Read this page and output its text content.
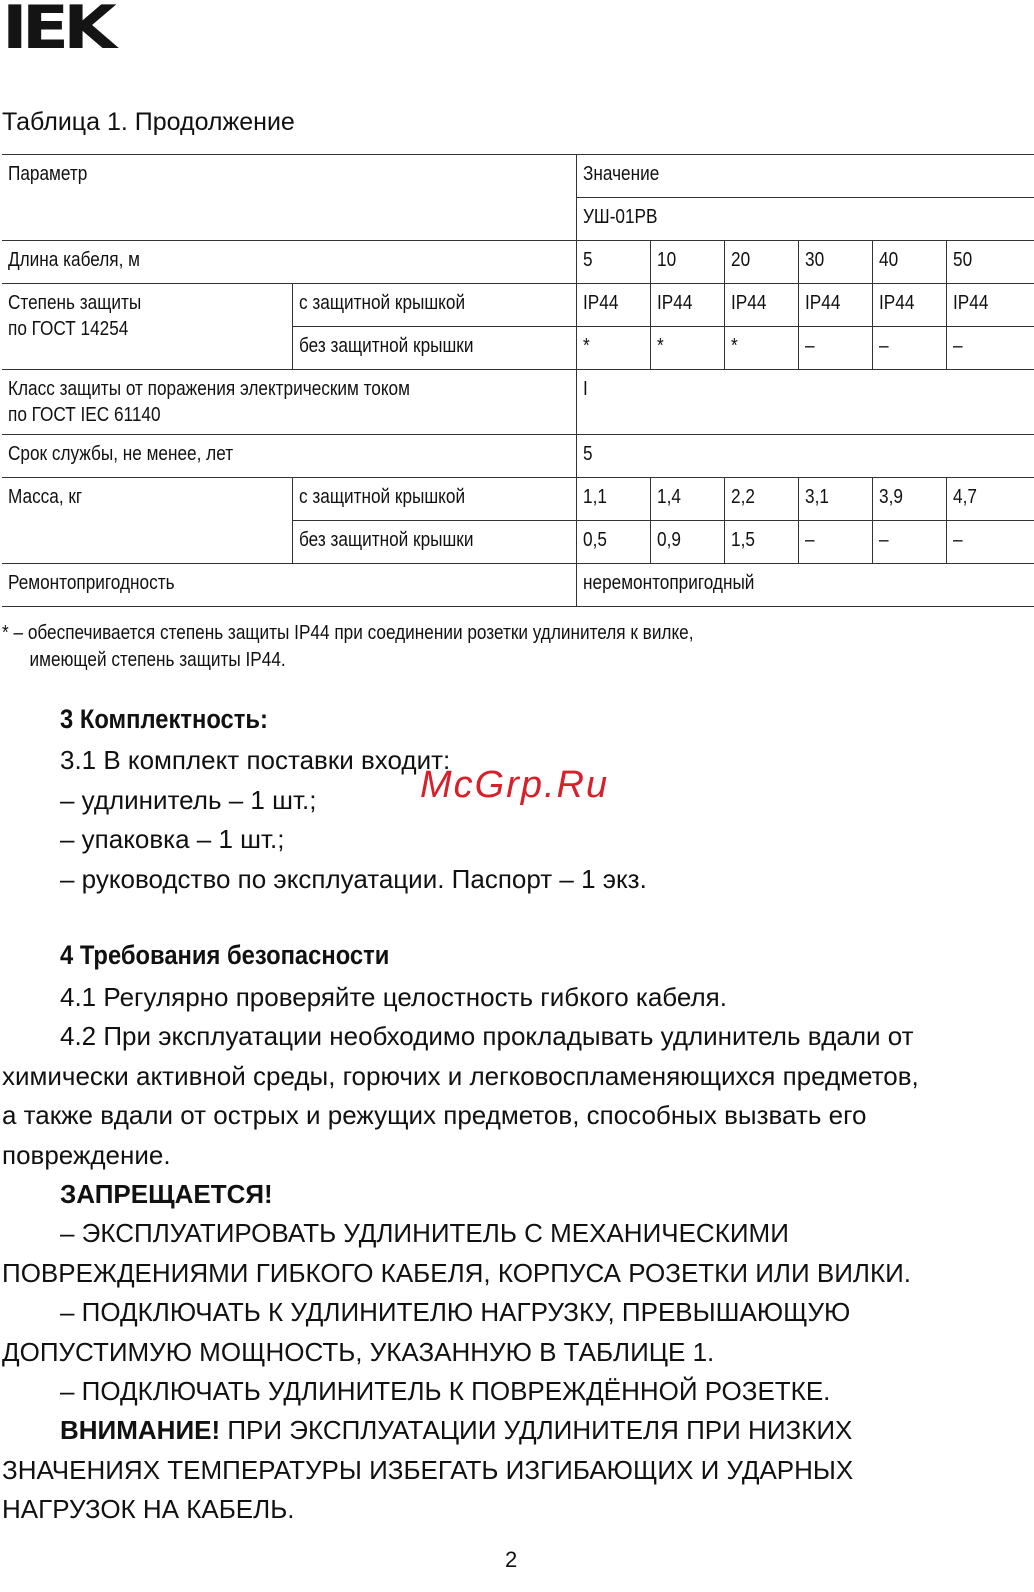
IEK
Таблица 1. Продолжение
Параметр		Значение					
		УШ-01РВ					
Длина кабеля, м		5	10	20	30	40	50
Степень защиты
по ГОСТ 14254	с защитной крышкой	IP44	IP44	IP44	IP44	IP44	IP44
	без защитной крышки	*	*	*	–	–	–
Класс защиты от поражения электрическим током
по ГОСТ IEC 61140		I					
Срок службы, не менее, лет		5					
Масса, кг	с защитной крышкой	1,1	1,4	2,2	3,1	3,9	4,7
	без защитной крышки	0,5	0,9	1,5	–	–	–
Ремонтопригодность		неремонтопригодный					
* – обеспечивается степень защиты IP44 при соединении розетки удлинителя к вилке,
имеющей степень защиты IP44.
3 Комплектность:
3.1 В комплект поставки входит:
– удлинитель – 1 шт.;
– упаковка – 1 шт.;
– руководство по эксплуатации. Паспорт – 1 экз.
McGrp.Ru
4 Требования безопасности
4.1 Регулярно проверяйте целостность гибкого кабеля.
4.2 При эксплуатации необходимо прокладывать удлинитель вдали от
химически активной среды, горючих и легковоспламеняющихся предметов,
а также вдали от острых и режущих предметов, способных вызвать его
повреждение.
ЗАПРЕЩАЕТСЯ!
– ЭКСПЛУАТИРОВАТЬ УДЛИНИТЕЛЬ С МЕХАНИЧЕСКИМИ
ПОВРЕЖДЕНИЯМИ ГИБКОГО КАБЕЛЯ, КОРПУСА РОЗЕТКИ ИЛИ ВИЛКИ.
– ПОДКЛЮЧАТЬ К УДЛИНИТЕЛЮ НАГРУЗКУ, ПРЕВЫШАЮЩУЮ
ДОПУСТИМУЮ МОЩНОСТЬ, УКАЗАННУЮ В ТАБЛИЦЕ 1.
– ПОДКЛЮЧАТЬ УДЛИНИТЕЛЬ К ПОВРЕЖДЁННОЙ РОЗЕТКЕ.
ВНИМАНИЕ! ПРИ ЭКСПЛУАТАЦИИ УДЛИНИТЕЛЯ ПРИ НИЗКИХ
ЗНАЧЕНИЯХ ТЕМПЕРАТУРЫ ИЗБЕГАТЬ ИЗГИБАЮЩИХ И УДАРНЫХ
НАГРУЗОК НА КАБЕЛЬ.
2
